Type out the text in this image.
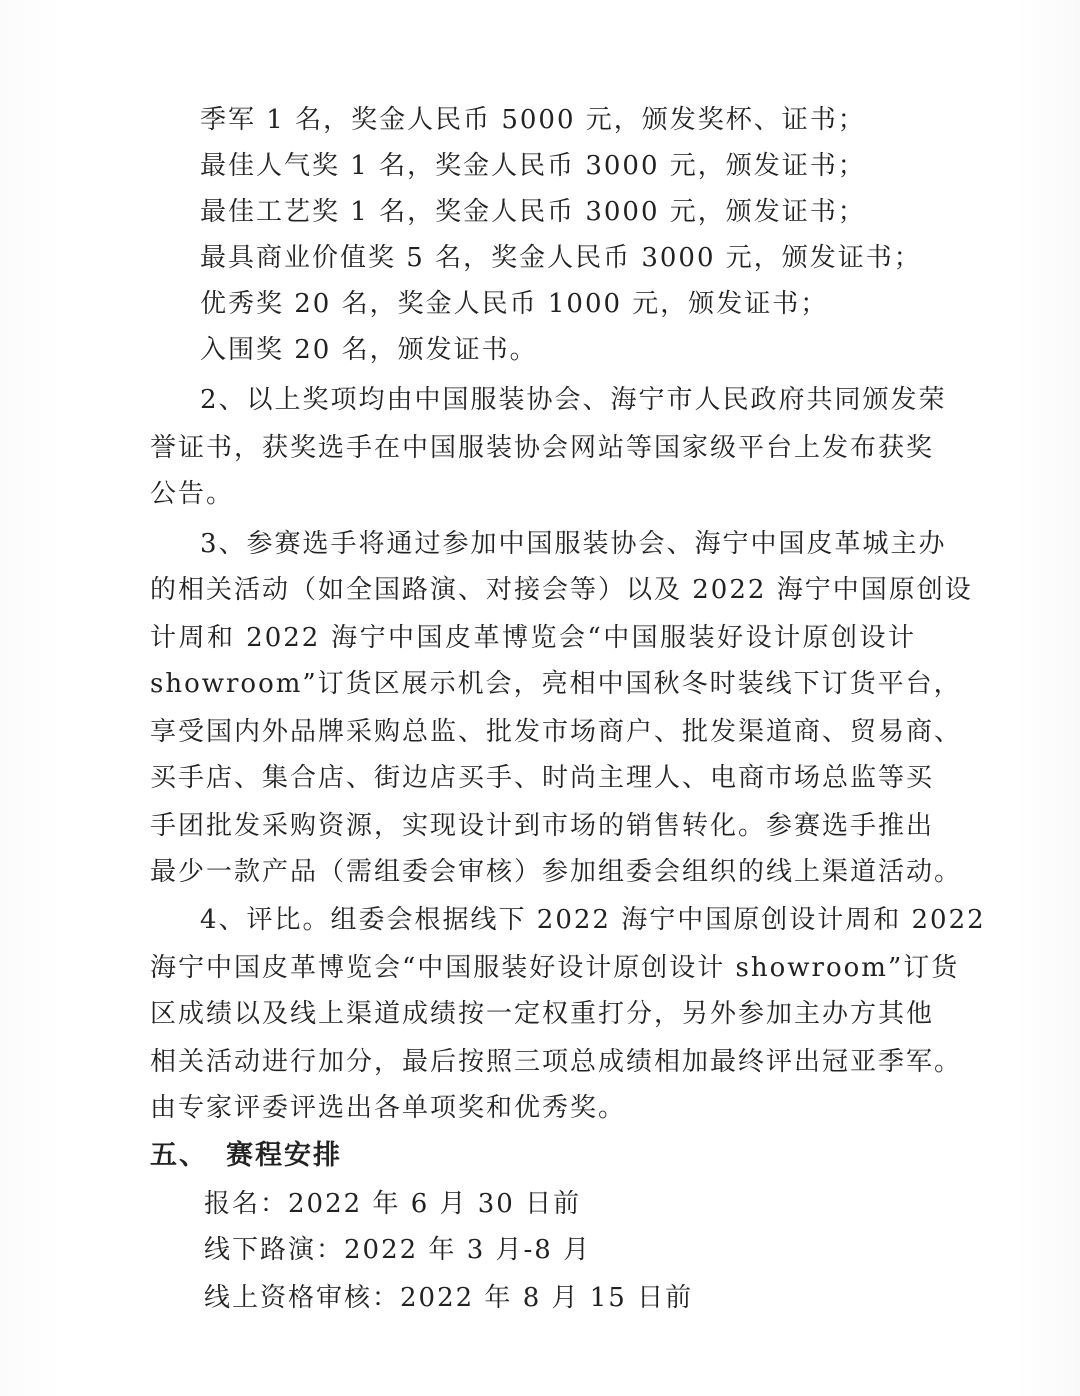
季军 1 名，奖金人民币 5000 元，颁发奖杯、证书；
最佳人气奖 1 名，奖金人民币 3000 元，颁发证书；
最佳工艺奖 1 名，奖金人民币 3000 元，颁发证书；
最具商业价值奖 5 名，奖金人民币 3000 元，颁发证书；
优秀奖 20 名，奖金人民币 1000 元，颁发证书；
入围奖 20 名，颁发证书。
2、以上奖项均由中国服装协会、海宁市人民政府共同颁发荣
誉证书，获奖选手在中国服装协会网站等国家级平台上发布获奖
公告。
3、参赛选手将通过参加中国服装协会、海宁中国皮革城主办
的相关活动（如全国路演、对接会等）以及 2022 海宁中国原创设
计周和 2022 海宁中国皮革博览会“中国服装好设计原创设计
showroom”订货区展示机会，亮相中国秋冬时装线下订货平台，
享受国内外品牌采购总监、批发市场商户、批发渠道商、贸易商、
买手店、集合店、街边店买手、时尚主理人、电商市场总监等买
手团批发采购资源，实现设计到市场的销售转化。参赛选手推出
最少一款产品（需组委会审核）参加组委会组织的线上渠道活动。
4、评比。组委会根据线下 2022 海宁中国原创设计周和 2022
海宁中国皮革博览会“中国服装好设计原创设计 showroom”订货
区成绩以及线上渠道成绩按一定权重打分，另外参加主办方其他
相关活动进行加分，最后按照三项总成绩相加最终评出冠亚季军。
由专家评委评选出各单项奖和优秀奖。
五、 赛程安排
报名：2022 年 6 月 30 日前
线下路演：2022 年 3 月-8 月
线上资格审核：2022 年 8 月 15 日前
